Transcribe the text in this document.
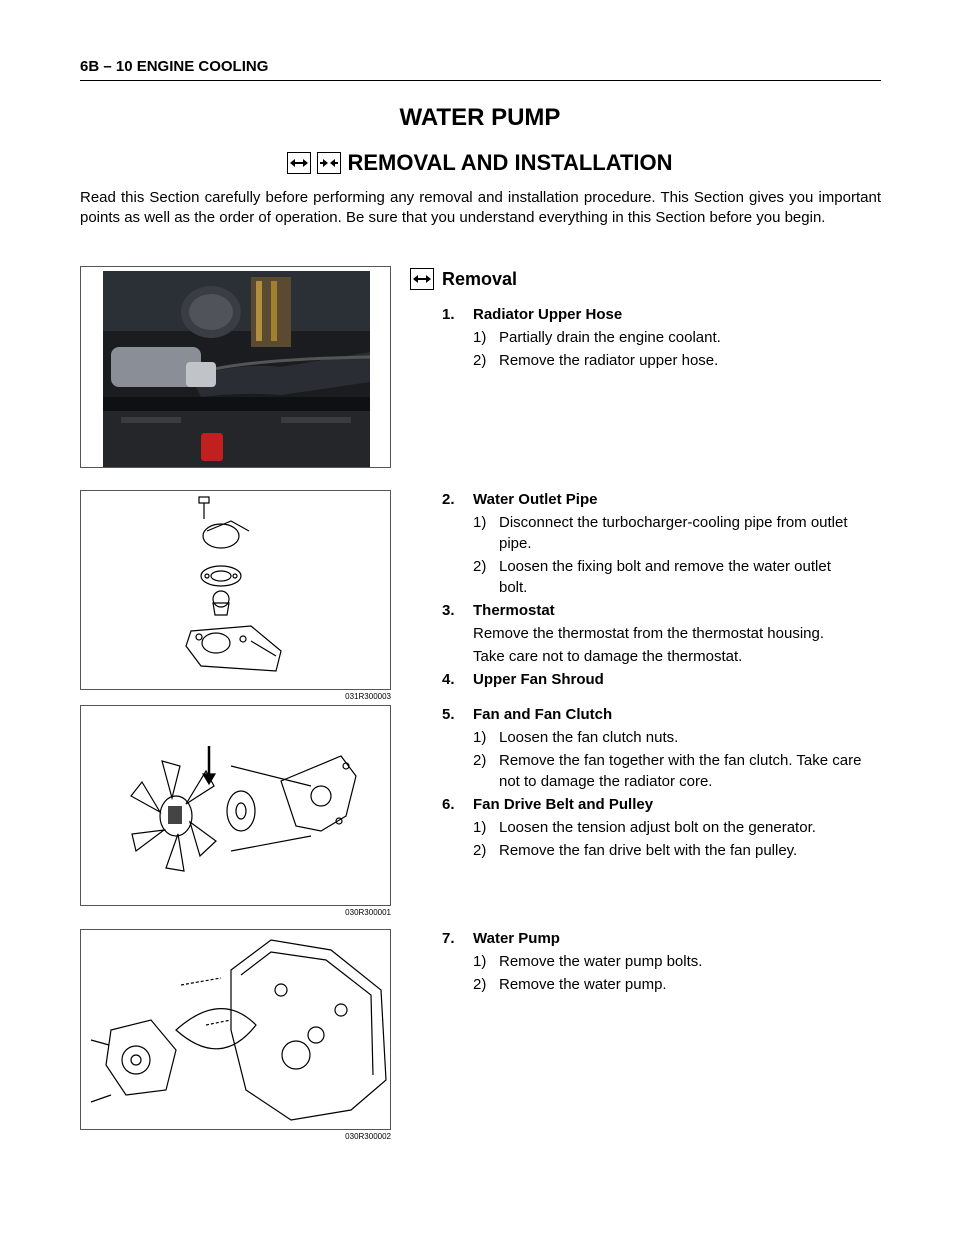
6B – 10 ENGINE COOLING
WATER PUMP
REMOVAL AND INSTALLATION
Read this Section carefully before performing any removal and installation procedure. This Section gives you important points as well as the order of operation. Be sure that you understand everything in this Section before you begin.
031R300003
030R300001
030R300002
Removal
1. Radiator Upper Hose
1) Partially drain the engine coolant.
2) Remove the radiator upper hose.
2. Water Outlet Pipe
1) Disconnect the turbocharger-cooling pipe from outlet pipe.
2) Loosen the fixing bolt and remove the water outlet bolt.
3. Thermostat
Remove the thermostat from the thermostat housing.
Take care not to damage the thermostat.
4. Upper Fan Shroud
5. Fan and Fan Clutch
1) Loosen the fan clutch nuts.
2) Remove the fan together with the fan clutch. Take care not to damage the radiator core.
6. Fan Drive Belt and Pulley
1) Loosen the tension adjust bolt on the generator.
2) Remove the fan drive belt with the fan pulley.
7. Water Pump
1) Remove the water pump bolts.
2) Remove the water pump.
